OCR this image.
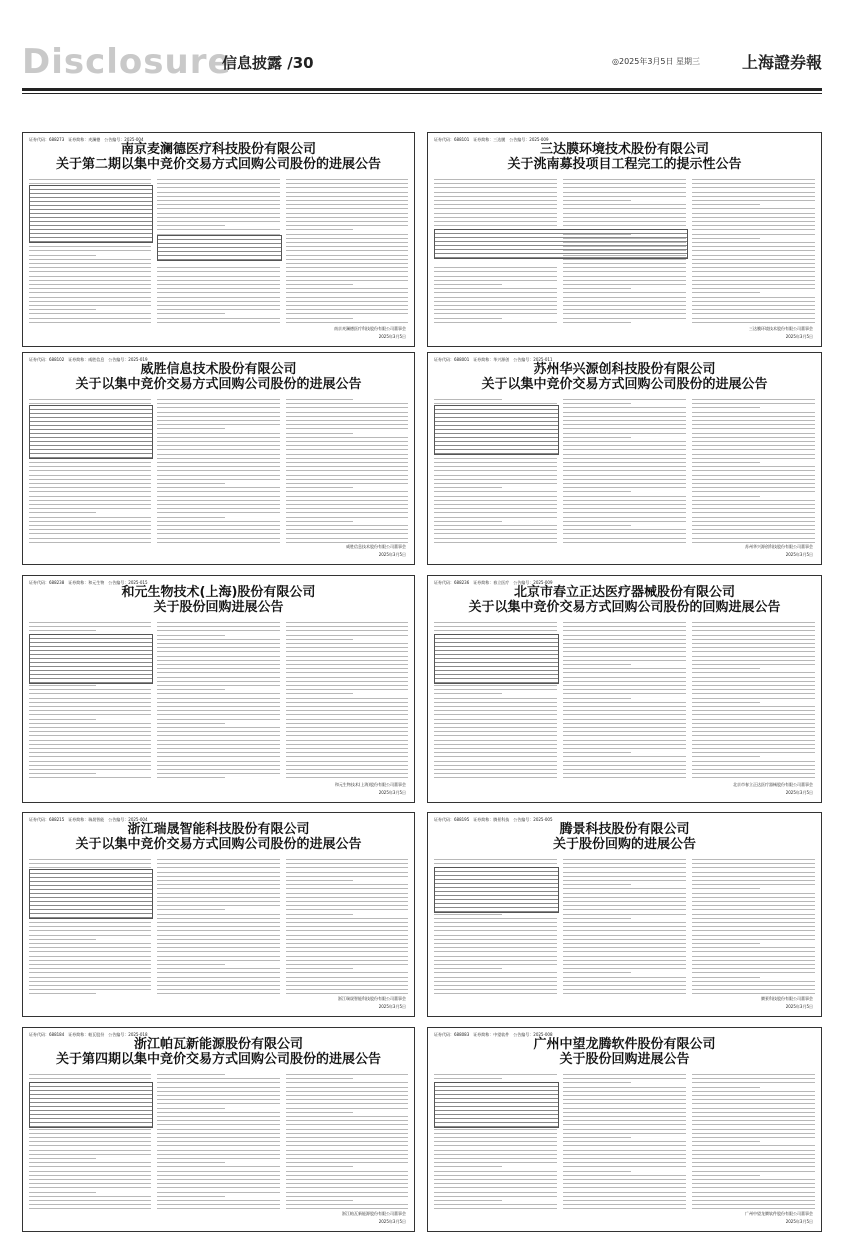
Disclosure
信息披露 /30	◎2025年3月5日 星期三	上海證券報
证券代码：688273　证券简称：麦澜德　公告编号：2025-004
南京麦澜德医疗科技股份有限公司
关于第二期以集中竞价交易方式回购公司股份的进展公告
南京麦澜德医疗科技股份有限公司董事会
2025年3月5日
证券代码：688101　证券简称：三达膜　公告编号：2025-009
三达膜环境技术股份有限公司
关于洮南募投项目工程完工的提示性公告
三达膜环境技术股份有限公司董事会
2025年3月5日
证券代码：688102　证券简称：威胜信息　公告编号：2025-019
威胜信息技术股份有限公司
关于以集中竞价交易方式回购公司股份的进展公告
威胜信息技术股份有限公司董事会
2025年3月5日
证券代码：688001　证券简称：华兴源创　公告编号：2025-011
苏州华兴源创科技股份有限公司
关于以集中竞价交易方式回购公司股份的进展公告
苏州华兴源创科技股份有限公司董事会
2025年3月5日
证券代码：688238　证券简称：和元生物　公告编号：2025-015
和元生物技术(上海)股份有限公司
关于股份回购进展公告
和元生物技术(上海)股份有限公司董事会
2025年3月5日
证券代码：688236　证券简称：春立医疗　公告编号：2025-009
北京市春立正达医疗器械股份有限公司
关于以集中竞价交易方式回购公司股份的回购进展公告
北京市春立正达医疗器械股份有限公司董事会
2025年3月5日
证券代码：688215　证券简称：瑞晟智能　公告编号：2025-004
浙江瑞晟智能科技股份有限公司
关于以集中竞价交易方式回购公司股份的进展公告
浙江瑞晟智能科技股份有限公司董事会
2025年3月5日
证券代码：688195　证券简称：腾景科技　公告编号：2025-005
腾景科技股份有限公司
关于股份回购的进展公告
腾景科技股份有限公司董事会
2025年3月5日
证券代码：688184　证券简称：帕瓦股份　公告编号：2025-018
浙江帕瓦新能源股份有限公司
关于第四期以集中竞价交易方式回购公司股份的进展公告
浙江帕瓦新能源股份有限公司董事会
2025年3月5日
证券代码：688083　证券简称：中望软件　公告编号：2025-008
广州中望龙腾软件股份有限公司
关于股份回购进展公告
广州中望龙腾软件股份有限公司董事会
2025年3月5日
